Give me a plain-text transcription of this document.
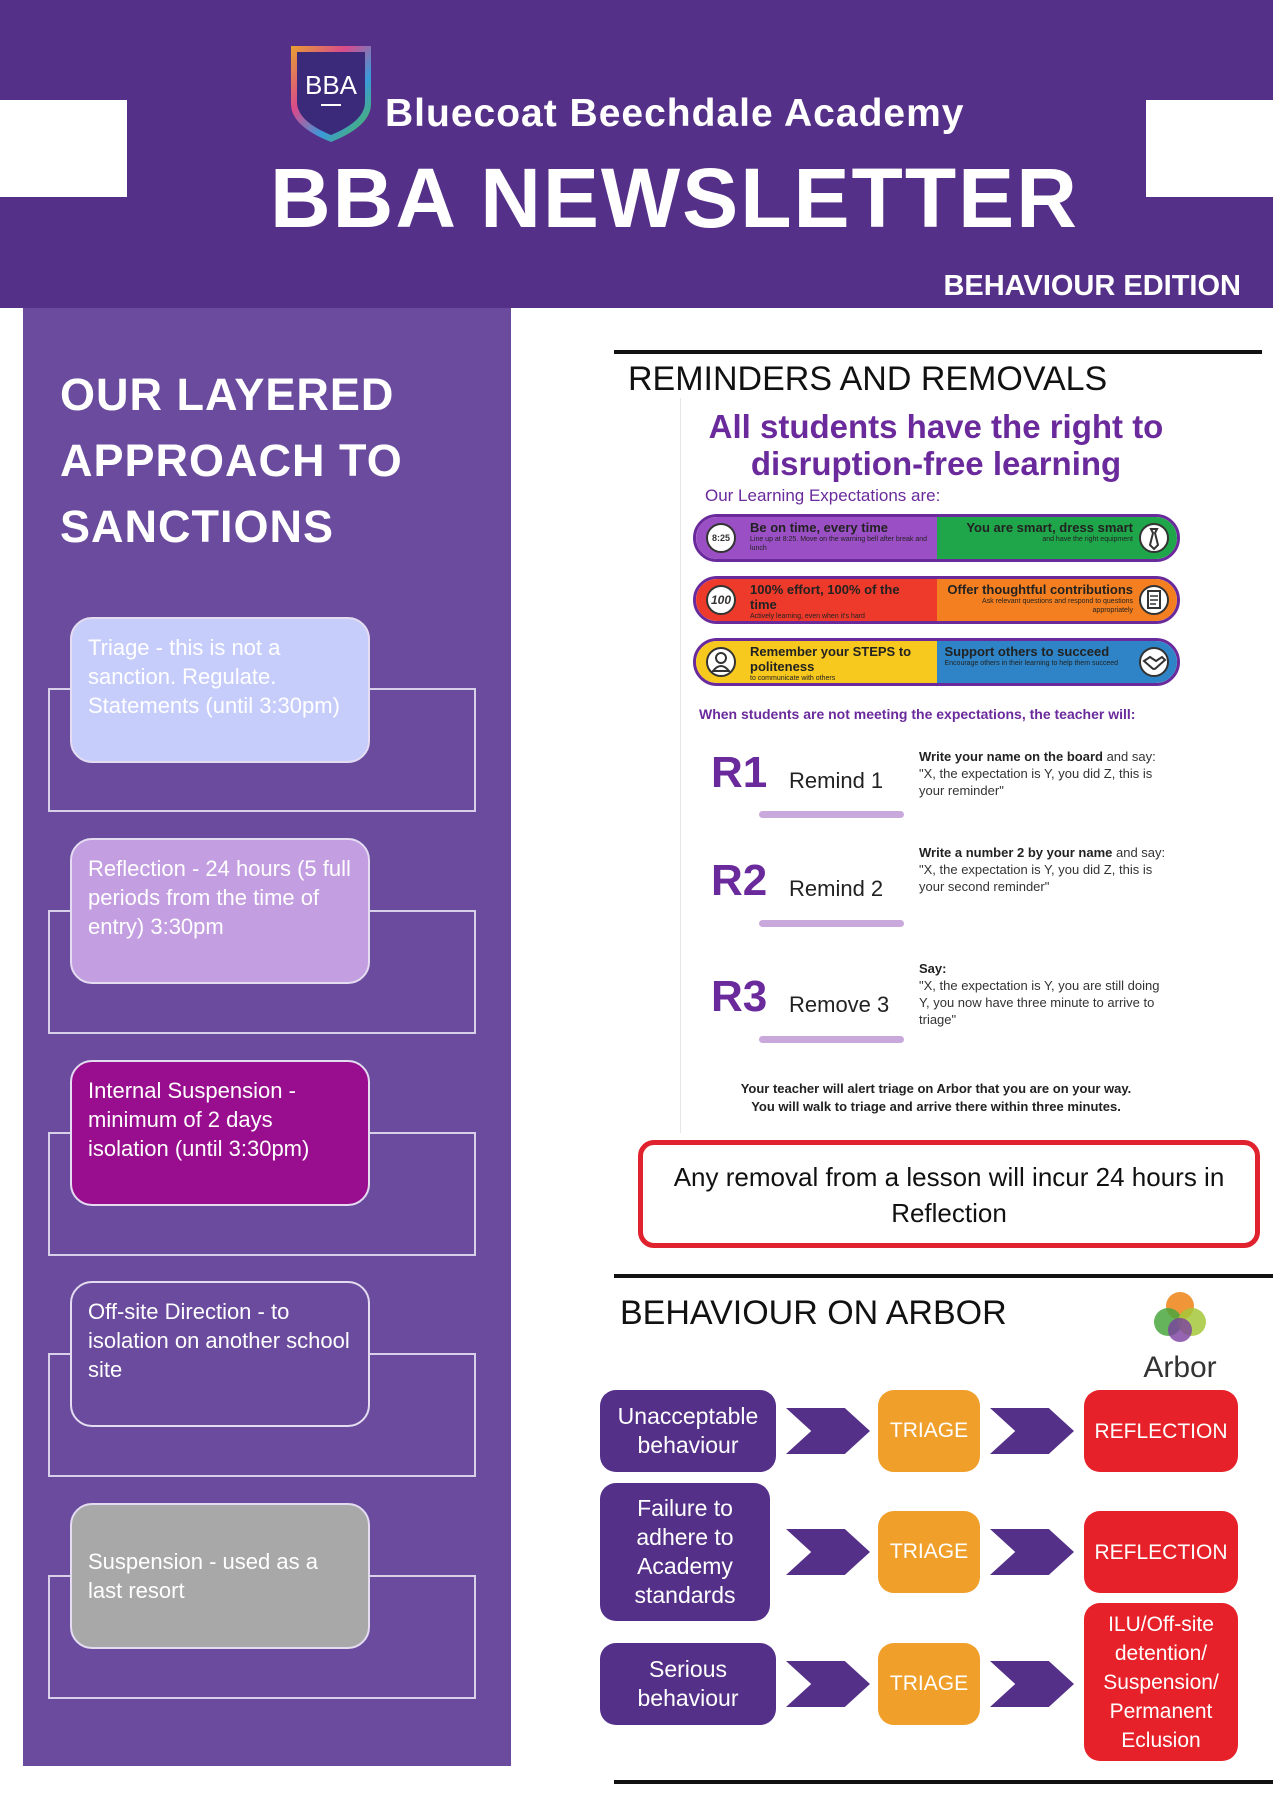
BBA
Bluecoat Beechdale Academy
BBA NEWSLETTER
BEHAVIOUR EDITION
OUR LAYERED APPROACH TO SANCTIONS
Triage - this is not a sanction. Regulate. Statements (until 3:30pm)
Reflection - 24 hours (5 full periods from the time of entry) 3:30pm
Internal Suspension - minimum of 2 days isolation (until 3:30pm)
Off-site Direction - to isolation on another school site
Suspension - used as a last resort
REMINDERS AND REMOVALS
All students have the right to disruption-free learning
Our Learning Expectations are:
Be on time, every time
Line up at 8:25. Move on the warning bell after break and lunch
8:25
You are smart, dress smart
and have the right equipment
100% effort, 100% of the time
Actively learning, even when it's hard
100
Offer thoughtful contributions
Ask relevant questions and respond to questions appropriately
Remember your STEPS to politeness
to communicate with others
Support others to succeed
Encourage others in their learning to help them succeed
When students are not meeting the expectations, the teacher will:
R1 Remind 1
Write your name on the board and say:
"X, the expectation is Y, you did Z, this is your reminder"
R2 Remind 2
Write a number 2 by your name and say:
"X, the expectation is Y, you did Z, this is your second reminder"
R3 Remove 3
Say:
"X, the expectation is Y, you are still doing Y, you now have three minute to arrive to triage"
Your teacher will alert triage on Arbor that you are on your way.
You will walk to triage and arrive there within three minutes.
Any removal from a lesson will incur 24 hours in Reflection
BEHAVIOUR ON ARBOR
Arbor
Unacceptable behaviour
TRIAGE	REFLECTION
Failure to adhere to Academy standards
TRIAGE	REFLECTION
Serious behaviour
TRIAGE
ILU/Off-site detention/ Suspension/ Permanent Eclusion
